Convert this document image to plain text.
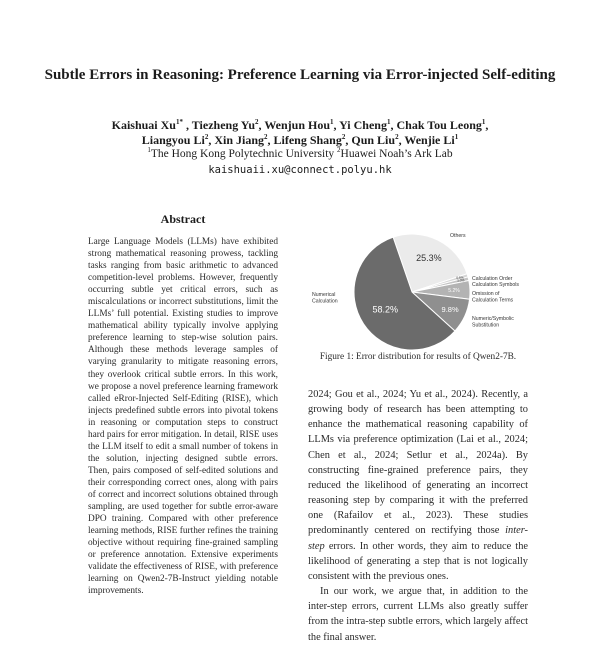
Subtle Errors in Reasoning: Preference Learning via Error-injected Self-editing
Kaishuai $Xu^{1*}$ , Tiezheng Yu$^2$, Wenjun Hou$^1$, Yi Cheng$^1$, Chak Tou Leong$^1$,
Liangyou Li$^2$, Xin Jiang$^2$, Lifeng Shang$^2$, Qun Liu$^2$, Wenjie Li$^1$
$^1$The Hong Kong Polytechnic University $^2$Huawei Noah’s Ark Lab
kaishuaii.xu@connect.polyu.hk
Abstract
Large Language Models (LLMs) have exhibited strong mathematical reasoning prowess, tackling tasks ranging from basic arithmetic to advanced competition-level problems. However, frequently occurring subtle yet critical errors, such as miscalculations or incorrect substitutions, limit the LLMs’ full potential. Existing studies to improve mathematical ability typically involve applying preference learning to step-wise solution pairs. Although these methods leverage samples of varying granularity to mitigate reasoning errors, they overlook critical subtle errors. In this work, we propose a novel preference learning framework called eRror-Injected Self-Editing (RISE), which injects predefined subtle errors into pivotal tokens in reasoning or computation steps to construct hard pairs for error mitigation. In detail, RISE uses the LLM itself to edit a small number of tokens in the solution, injecting designed subtle errors. Then, pairs composed of self-edited solutions and their corresponding correct ones, along with pairs of correct and incorrect solutions obtained through sampling, are used together for subtle error-aware DPO training. Compared with other preference learning methods, RISE further refines the training objective without requiring fine-grained sampling or preference annotation. Extensive experiments validate the effectiveness of RISE, with preference learning on Qwen2-7B-Instruct yielding notable improvements.
25.3%
0.9%
1.0%
5.2%
9.8%
58.2%
Others
Calculation Order
Calculation Symbols
Omission of
Calculation Terms
Numeric/Symbolic
Substitution
Numerical
Calculation
Figure 1: Error distribution for results of Qwen2-7B.

2024; Gou et al., 2024; Yu et al., 2024). Recently, a growing body of research has been attempting to enhance the mathematical reasoning capability of LLMs via preference optimization (Lai et al., 2024; Chen et al., 2024; Setlur et al., 2024a). By constructing fine-grained preference pairs, they reduced the likelihood of generating an incorrect reasoning step by comparing it with the preferred one (Rafailov et al., 2023). These studies predominantly centered on rectifying those inter-step errors. In other words, they aim to reduce the likelihood of generating a step that is not logically consistent with the previous ones.

In our work, we argue that, in addition to the inter-step errors, current LLMs also greatly suffer from the intra-step subtle errors, which largely affect the final answer.
